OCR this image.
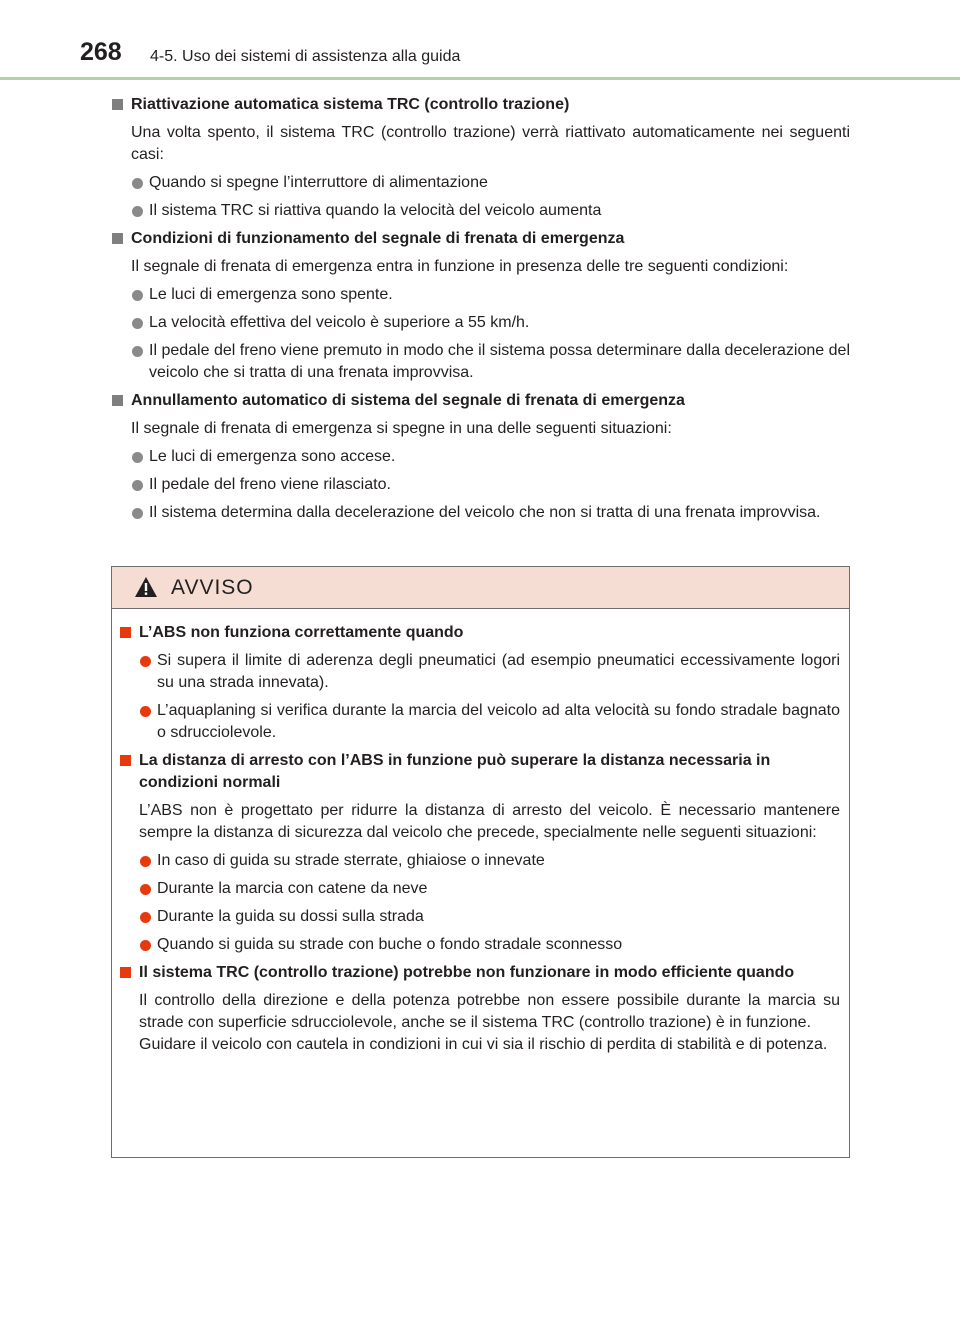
268 4-5. Uso dei sistemi di assistenza alla guida
Riattivazione automatica sistema TRC (controllo trazione)
Una volta spento, il sistema TRC (controllo trazione) verrà riattivato automaticamente nei seguenti casi:
Quando si spegne l’interruttore di alimentazione
Il sistema TRC si riattiva quando la velocità del veicolo aumenta
Condizioni di funzionamento del segnale di frenata di emergenza
Il segnale di frenata di emergenza entra in funzione in presenza delle tre seguenti condizioni:
Le luci di emergenza sono spente.
La velocità effettiva del veicolo è superiore a 55 km/h.
Il pedale del freno viene premuto in modo che il sistema possa determinare dalla decelerazione del veicolo che si tratta di una frenata improvvisa.
Annullamento automatico di sistema del segnale di frenata di emergenza
Il segnale di frenata di emergenza si spegne in una delle seguenti situazioni:
Le luci di emergenza sono accese.
Il pedale del freno viene rilasciato.
Il sistema determina dalla decelerazione del veicolo che non si tratta di una frenata improvvisa.
AVVISO
L’ABS non funziona correttamente quando
Si supera il limite di aderenza degli pneumatici (ad esempio pneumatici eccessivamente logori su una strada innevata).
L’aquaplaning si verifica durante la marcia del veicolo ad alta velocità su fondo stradale bagnato o sdrucciolevole.
La distanza di arresto con l’ABS in funzione può superare la distanza necessaria in condizioni normali
L’ABS non è progettato per ridurre la distanza di arresto del veicolo. È necessario mantenere sempre la distanza di sicurezza dal veicolo che precede, specialmente nelle seguenti situazioni:
In caso di guida su strade sterrate, ghiaiose o innevate
Durante la marcia con catene da neve
Durante la guida su dossi sulla strada
Quando si guida su strade con buche o fondo stradale sconnesso
Il sistema TRC (controllo trazione) potrebbe non funzionare in modo efficiente quando
Il controllo della direzione e della potenza potrebbe non essere possibile durante la marcia su strade con superficie sdrucciolevole, anche se il sistema TRC (controllo trazione) è in funzione.
Guidare il veicolo con cautela in condizioni in cui vi sia il rischio di perdita di stabilità e di potenza.
